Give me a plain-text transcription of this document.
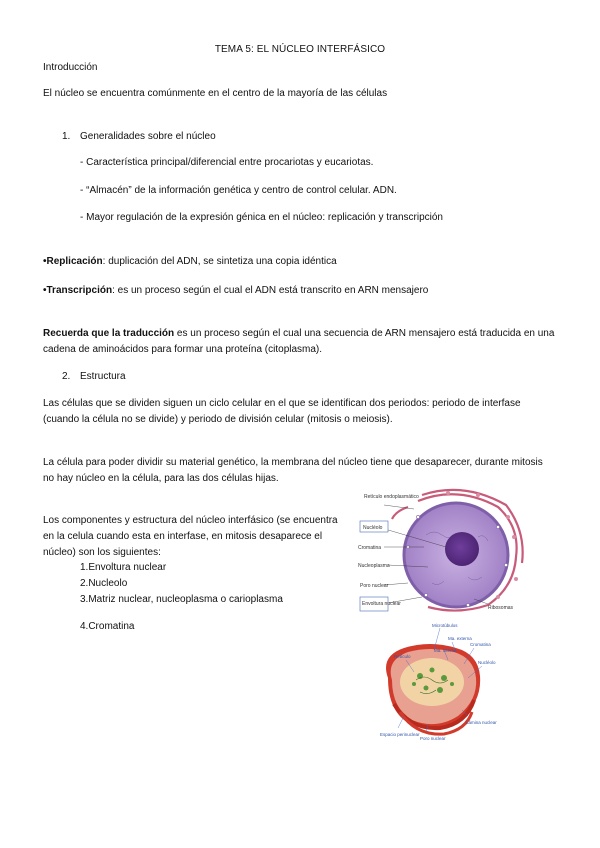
TEMA 5: EL NÚCLEO INTERFÁSICO
Introducción
El núcleo se encuentra comúnmente en el centro de la mayoría de las células
1. Generalidades sobre el núcleo
- Característica principal/diferencial entre procariotas y eucariotas.
- “Almacén” de la información genética y centro de control celular. ADN.
- Mayor regulación de la expresión génica en el núcleo: replicación y transcripción
•Replicación: duplicación del ADN, se sintetiza una copia idéntica
•Transcripción: es un proceso según el cual el ADN está transcrito en ARN mensajero
Recuerda que la traducción es un proceso según el cual una secuencia de ARN mensajero está traducida en una
cadena de aminoácidos para formar una proteína (citoplasma).
2. Estructura
Las células que se dividen siguen un ciclo celular en el que se identifican dos periodos: periodo de interfase
(cuando la célula no se divide) y periodo de división celular (mitosis o meiosis).
La célula para poder dividir su material genético, la membrana del núcleo tiene que desaparecer, durante mitosis
no hay núcleo en la célula, para las dos células hijas.
Los componentes y estructura del núcleo interfásico (se encuentra
en la celula cuando esta en interfase, en mitosis desaparece el
núcleo) son los siguientes:
1.Envoltura nuclear
2.Nucleolo
3.Matriz nuclear, nucleoplasma o carioplasma
4.Cromatina
Retículo endoplasmático
Nucléolo
Cromatina
Nucleoplasma
Poro nuclear
Envoltura nuclear
Ribosomas
Microtúbulos
Ma. externa
Ma. interna
Cromatina
Nucléolo
Espacio perinuclear
Poro nuclear
Lámina nuclear
Retículo
